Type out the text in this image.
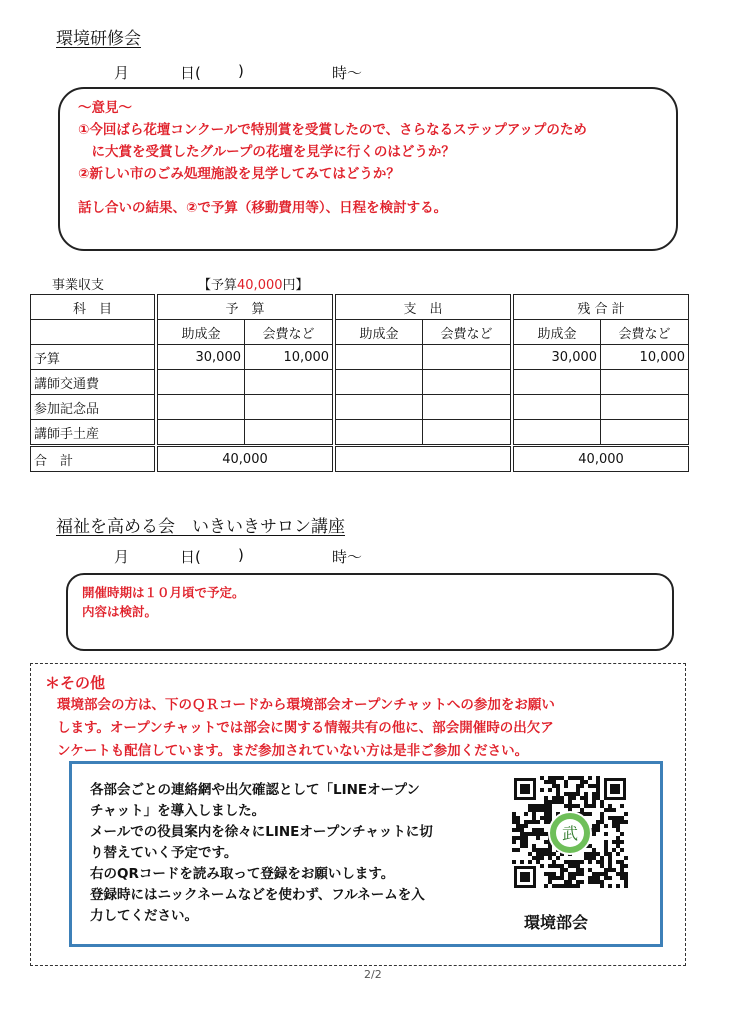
環境研修会
月	日( )	時～
～意見～
①今回ばら花壇コンクールで特別賞を受賞したので、さらなるステップアップのため
　に大賞を受賞したグループの花壇を見学に行くのはどうか？
②新しい市のごみ処理施設を見学してみてはどうか？
話し合いの結果、②で予算（移動費用等）、日程を検討する。
事業収支	【予算40,000円】
科　目		予　算			支　出			残 合 計	
		助成金	会費など		助成金	会費など		助成金	会費など
予算		30,000	10,000					30,000	10,000
講師交通費									
参加記念品									
講師手土産									
合　計		40,000						40,000	
福祉を高める会　いきいきサロン講座
月	日( )	時～
開催時期は１０月頃で予定。
内容は検討。
＊その他
環境部会の方は、下のＱＲコードから環境部会オープンチャットへの参加をお願い
します。オープンチャットでは部会に関する情報共有の他に、部会開催時の出欠ア
ンケートも配信しています。まだ参加されていない方は是非ご参加ください。
各部会ごとの連絡網や出欠確認として「LINEオープン
チャット」を導入しました。
メールでの役員案内を徐々にLINEオープンチャットに切
り替えていく予定です。
右のQRコードを読み取って登録をお願いします。
登録時にはニックネームなどを使わず、フルネームを入
力してください。	環境部会
武
2/2
